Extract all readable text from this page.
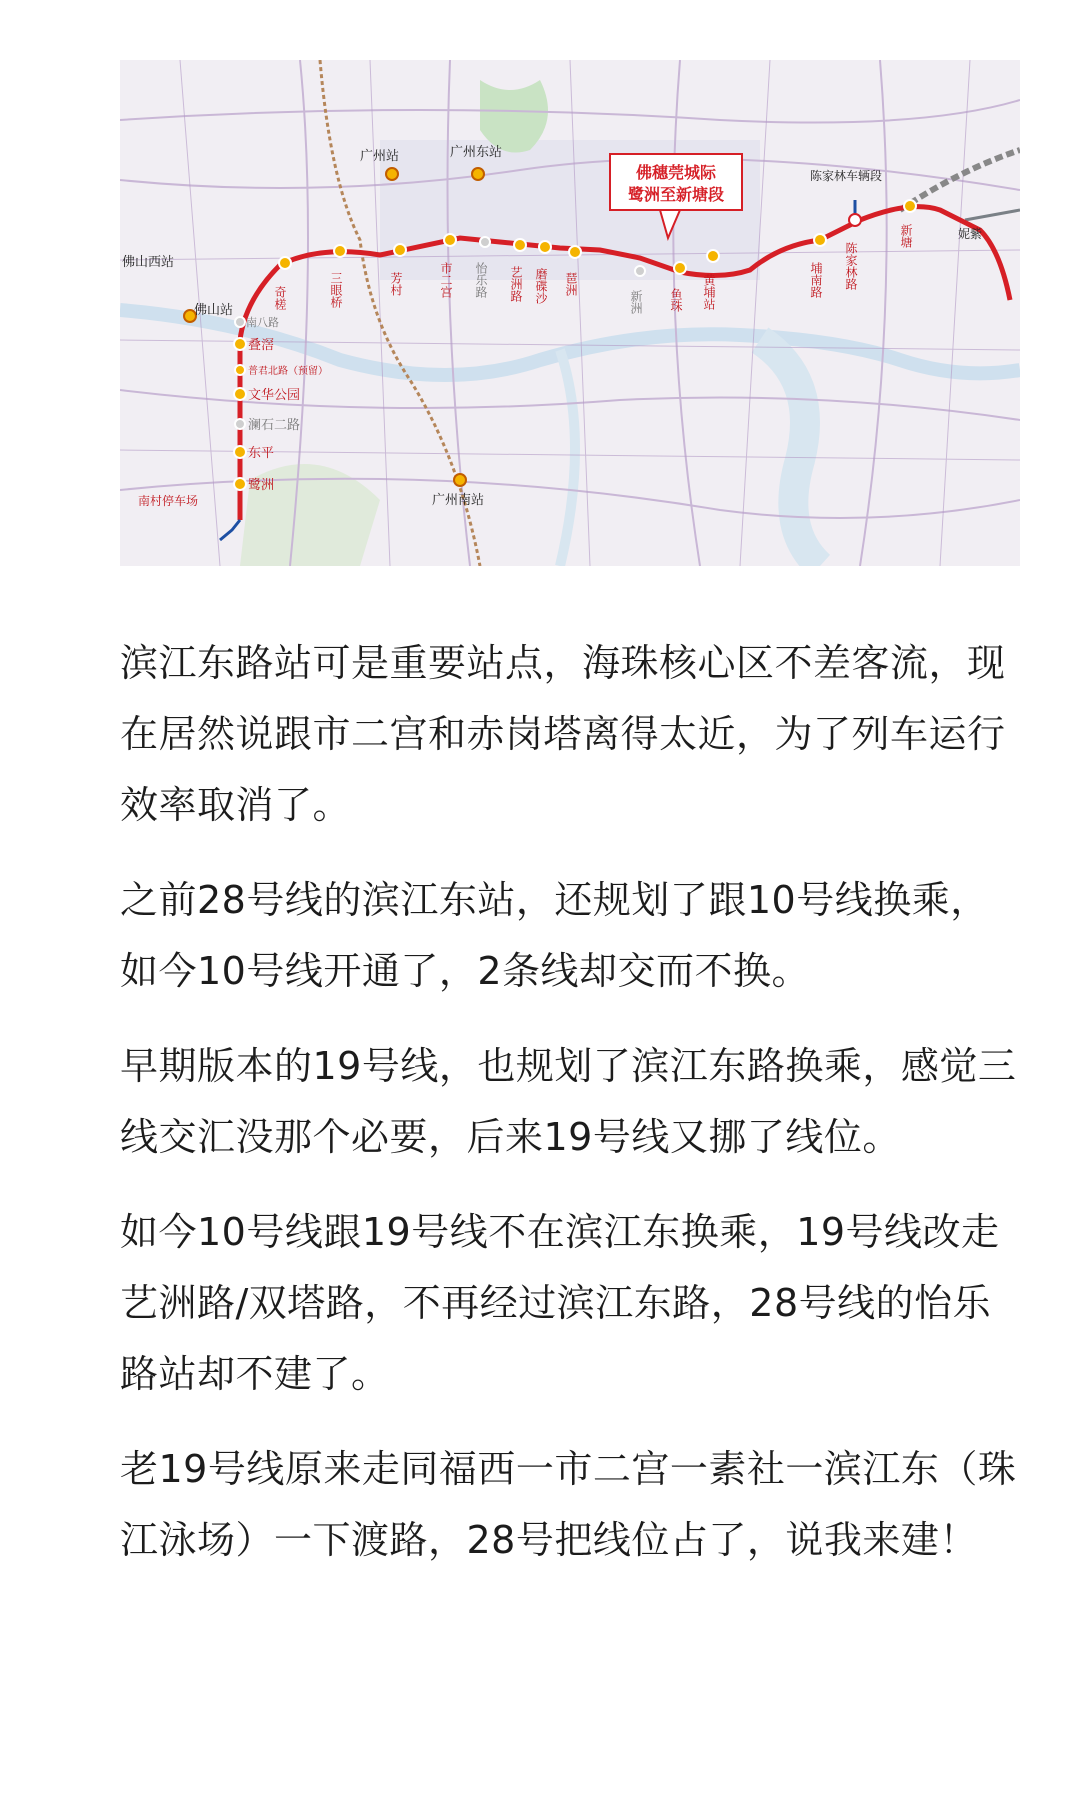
广州站	广州东站
广州南站
佛山西站
佛山站
妮紫
奇槎	三眼桥	芳村	市二宫 怡乐路 艺洲路 磨碟沙 琶洲
新洲 鱼珠 黄埔站	埔南路 陈家林路
新塘
南八路
叠滘
普君北路（预留）
文华公园
澜石二路
东平
鹭洲
南村停车场
陈家林车辆段
佛穗莞城际
鹭洲至新塘段

滨江东路站可是重要站点，海珠核心区不差客流，现在居然说跟市二宫和赤岗塔离得太近，为了列车运行效率取消了。

之前28号线的滨江东站，还规划了跟10号线换乘，如今10号线开通了，2条线却交而不换。

早期版本的19号线，也规划了滨江东路换乘，感觉三线交汇没那个必要，后来19号线又挪了线位。

如今10号线跟19号线不在滨江东换乘，19号线改走艺洲路/双塔路，不再经过滨江东路，28号线的怡乐路站却不建了。

老19号线原来走同福西一市二宫一素社一滨江东（珠江泳场）一下渡路，28号把线位占了，说我来建！
